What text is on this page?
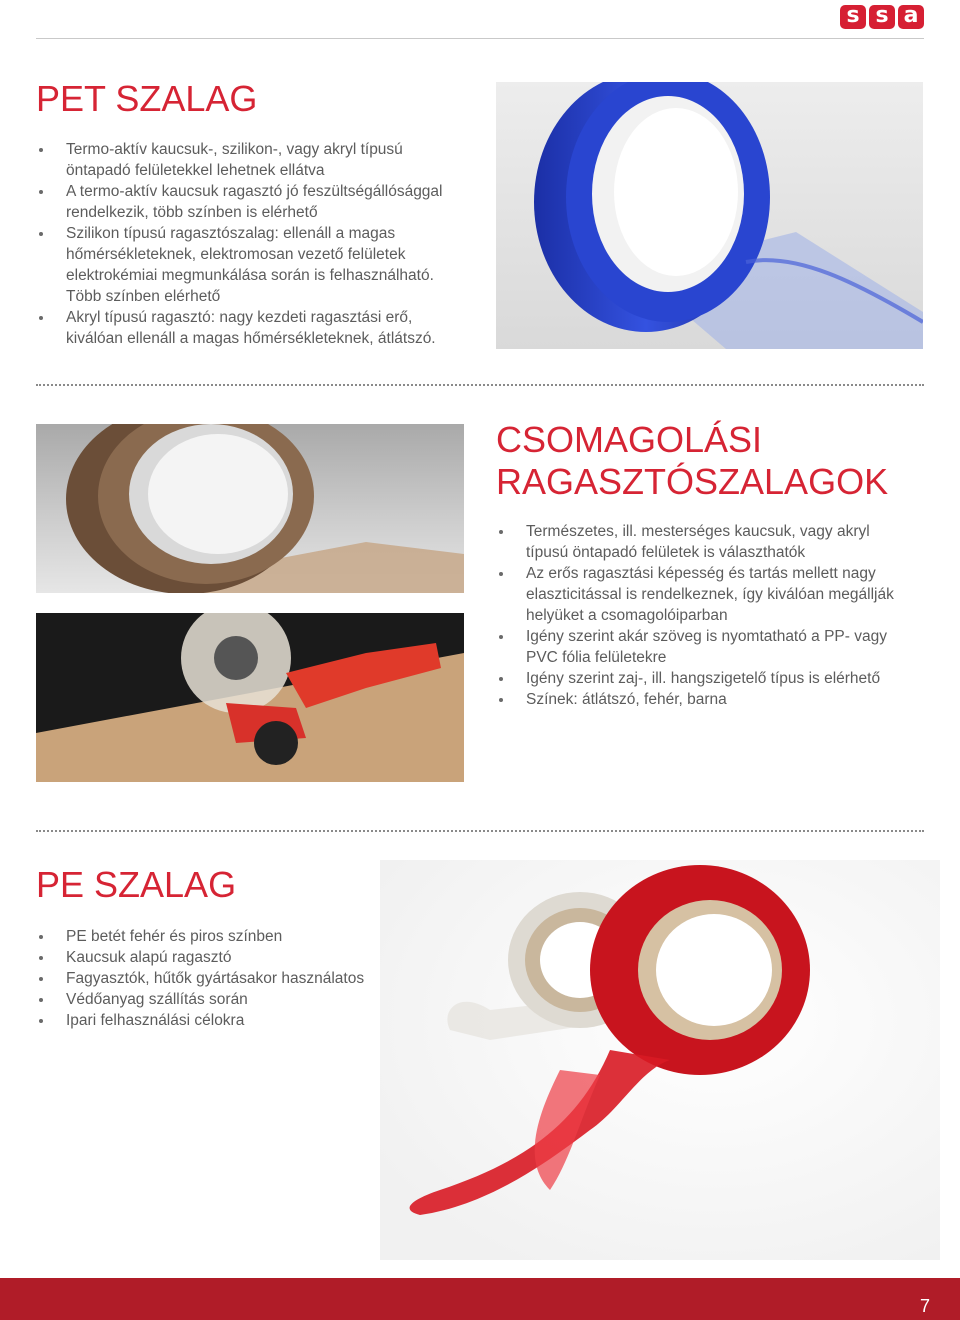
s s a
PET SZALAG
Termo-aktív kaucsuk-, szilikon-, vagy akryl típusú
öntapadó felületekkel lehetnek ellátva
A termo-aktív kaucsuk ragasztó jó feszültségállósággal
rendelkezik, több színben is elérhető
Szilikon típusú ragasztószalag: ellenáll a magas
hőmérsékleteknek, elektromosan vezető felületek
elektrokémiai megmunkálása során is felhasználható.
Több színben elérhető
Akryl típusú ragasztó: nagy kezdeti ragasztási erő,
kiválóan ellenáll a magas hőmérsékleteknek, átlátszó.
CSOMAGOLÁSI
RAGASZTÓSZALAGOK
Természetes, ill. mesterséges kaucsuk, vagy akryl
típusú öntapadó felületek is választhatók
Az erős ragasztási képesség és tartás mellett nagy
elaszticitással is rendelkeznek, így kiválóan megállják
helyüket a csomagolóiparban
Igény szerint akár szöveg is nyomtatható a PP- vagy
PVC fólia felületekre
Igény szerint zaj-, ill. hangszigetelő típus is elérhető
Színek: átlátszó, fehér, barna
PE SZALAG
PE betét fehér és piros színben
Kaucsuk alapú ragasztó
Fagyasztók, hűtők gyártásakor használatos
Védőanyag szállítás során
Ipari felhasználási célokra
7
